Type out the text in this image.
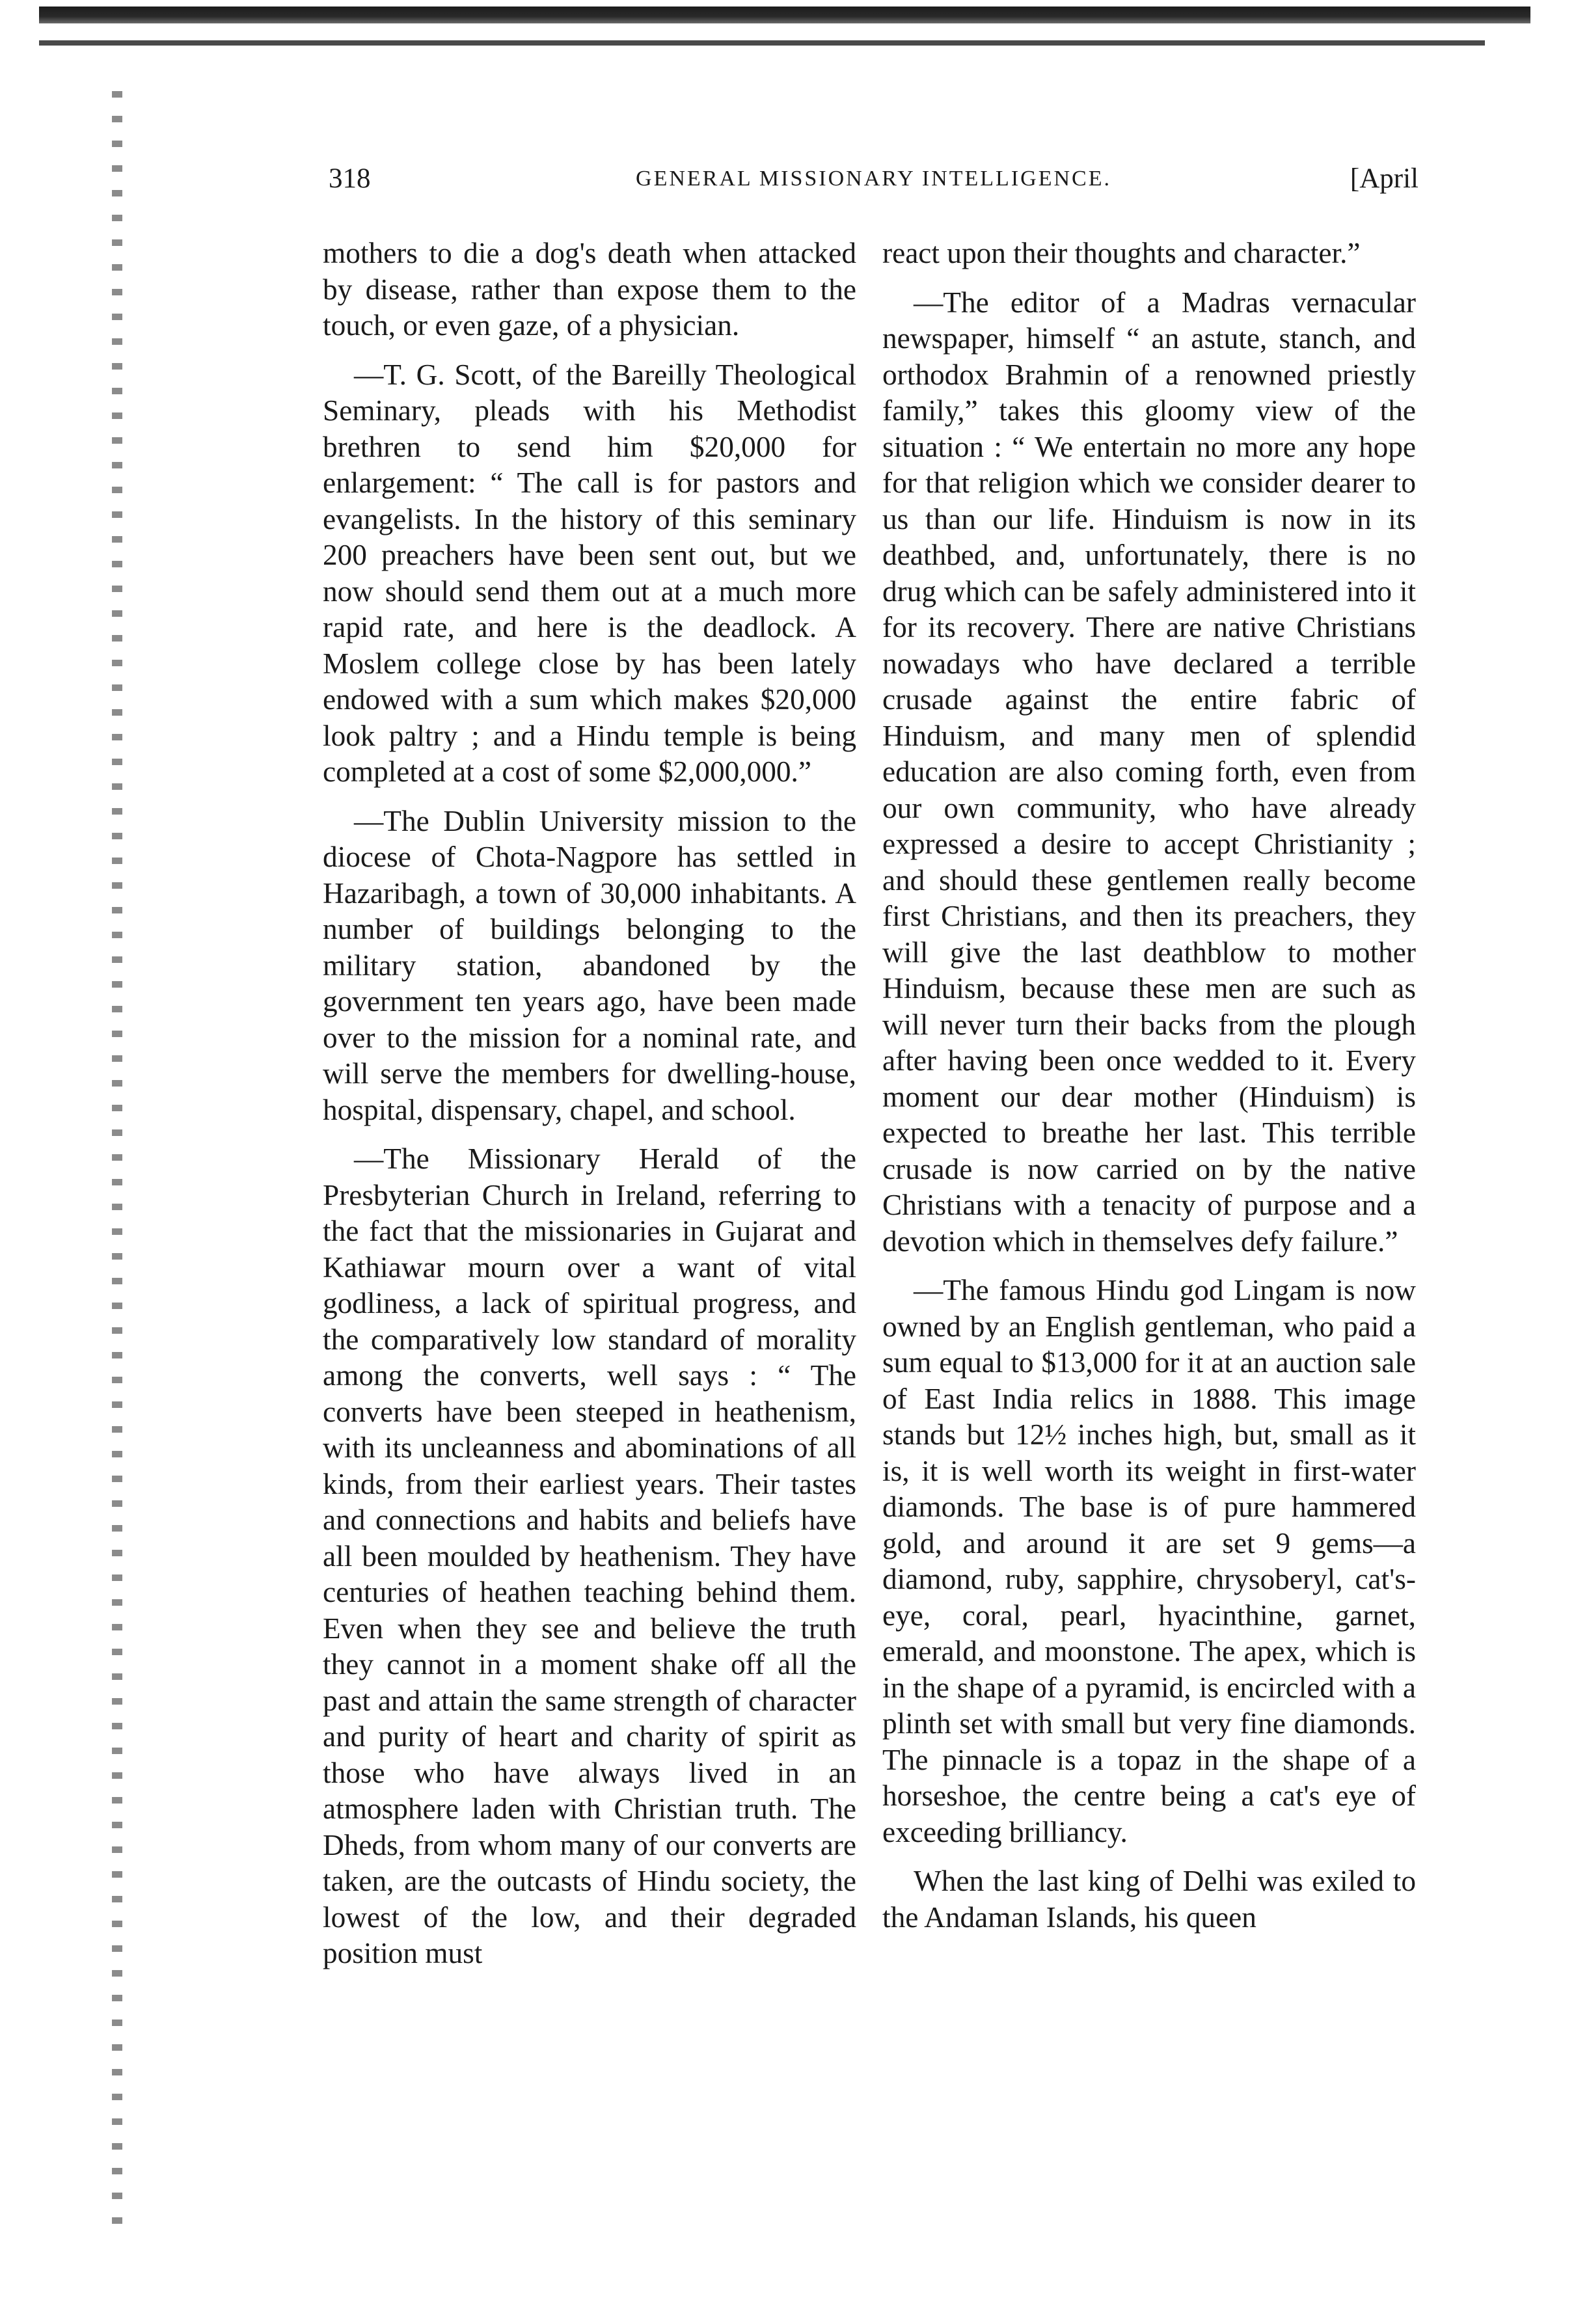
318	GENERAL MISSIONARY INTELLIGENCE.	[April

mothers to die a dog's death when attacked by disease, rather than expose them to the touch, or even gaze, of a physician.

—T. G. Scott, of the Bareilly Theological Seminary, pleads with his Methodist brethren to send him $20,000 for enlargement: “ The call is for pastors and evangelists. In the history of this seminary 200 preachers have been sent out, but we now should send them out at a much more rapid rate, and here is the deadlock. A Moslem college close by has been lately endowed with a sum which makes $20,000 look paltry ; and a Hindu temple is being completed at a cost of some $2,000,000.”

—The Dublin University mission to the diocese of Chota-Nagpore has settled in Hazaribagh, a town of 30,000 inhabitants. A number of buildings belonging to the military station, abandoned by the government ten years ago, have been made over to the mission for a nominal rate, and will serve the members for dwelling-house, hospital, dispensary, chapel, and school.

—The Missionary Herald of the Presbyterian Church in Ireland, referring to the fact that the missionaries in Gujarat and Kathiawar mourn over a want of vital godliness, a lack of spiritual progress, and the comparatively low standard of morality among the converts, well says : “ The converts have been steeped in heathenism, with its uncleanness and abominations of all kinds, from their earliest years. Their tastes and connections and habits and beliefs have all been moulded by heathenism. They have centuries of heathen teaching behind them. Even when they see and believe the truth they cannot in a moment shake off all the past and attain the same strength of character and purity of heart and charity of spirit as those who have always lived in an atmosphere laden with Christian truth. The Dheds, from whom many of our converts are taken, are the outcasts of Hindu society, the lowest of the low, and their degraded position must

react upon their thoughts and character.”

—The editor of a Madras vernacular newspaper, himself “ an astute, stanch, and orthodox Brahmin of a renowned priestly family,” takes this gloomy view of the situation : “ We entertain no more any hope for that religion which we consider dearer to us than our life. Hinduism is now in its deathbed, and, unfortunately, there is no drug which can be safely administered into it for its recovery. There are native Christians nowadays who have declared a terrible crusade against the entire fabric of Hinduism, and many men of splendid education are also coming forth, even from our own community, who have already expressed a desire to accept Christianity ; and should these gentlemen really become first Christians, and then its preachers, they will give the last deathblow to mother Hinduism, because these men are such as will never turn their backs from the plough after having been once wedded to it. Every moment our dear mother (Hinduism) is expected to breathe her last. This terrible crusade is now carried on by the native Christians with a tenacity of purpose and a devotion which in themselves defy failure.”

—The famous Hindu god Lingam is now owned by an English gentleman, who paid a sum equal to $13,000 for it at an auction sale of East India relics in 1888. This image stands but 12½ inches high, but, small as it is, it is well worth its weight in first-water diamonds. The base is of pure hammered gold, and around it are set 9 gems—a diamond, ruby, sapphire, chrysoberyl, cat's-eye, coral, pearl, hyacinthine, garnet, emerald, and moonstone. The apex, which is in the shape of a pyramid, is encircled with a plinth set with small but very fine diamonds. The pinnacle is a topaz in the shape of a horseshoe, the centre being a cat's eye of exceeding brilliancy.

When the last king of Delhi was exiled to the Andaman Islands, his queen
